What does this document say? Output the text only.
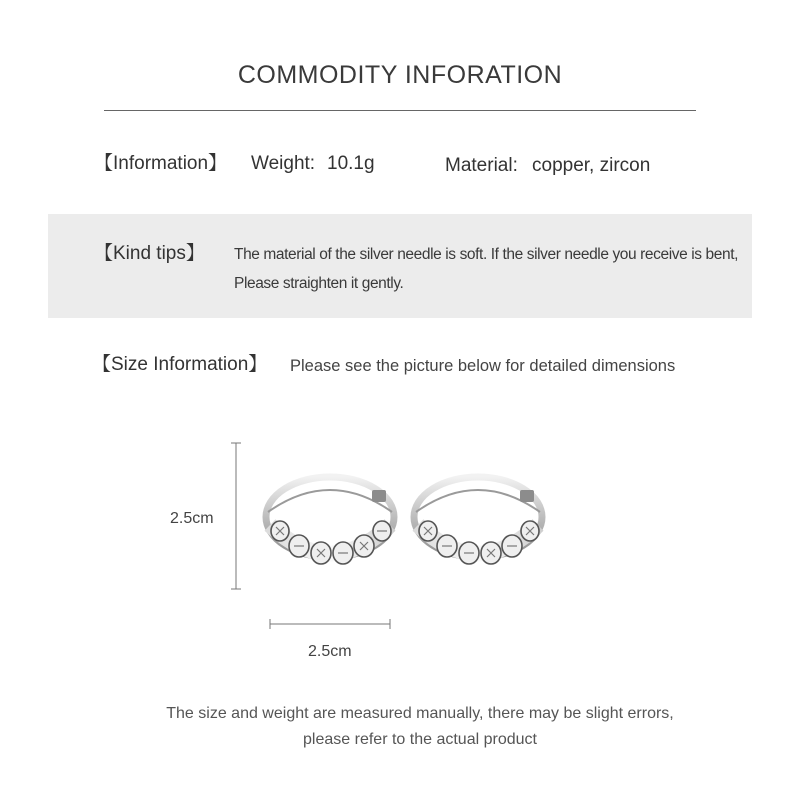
COMMODITY INFORATION
【Information】 Weight: 10.1g	Material: copper, zircon
【Kind tips】 The material of the silver needle is soft. If the silver needle you receive is bent,
Please straighten it gently.
【Size Information】 Please see the picture below for detailed dimensions
2.5cm
2.5cm
The size and weight are measured manually, there may be slight errors,
please refer to the actual product
